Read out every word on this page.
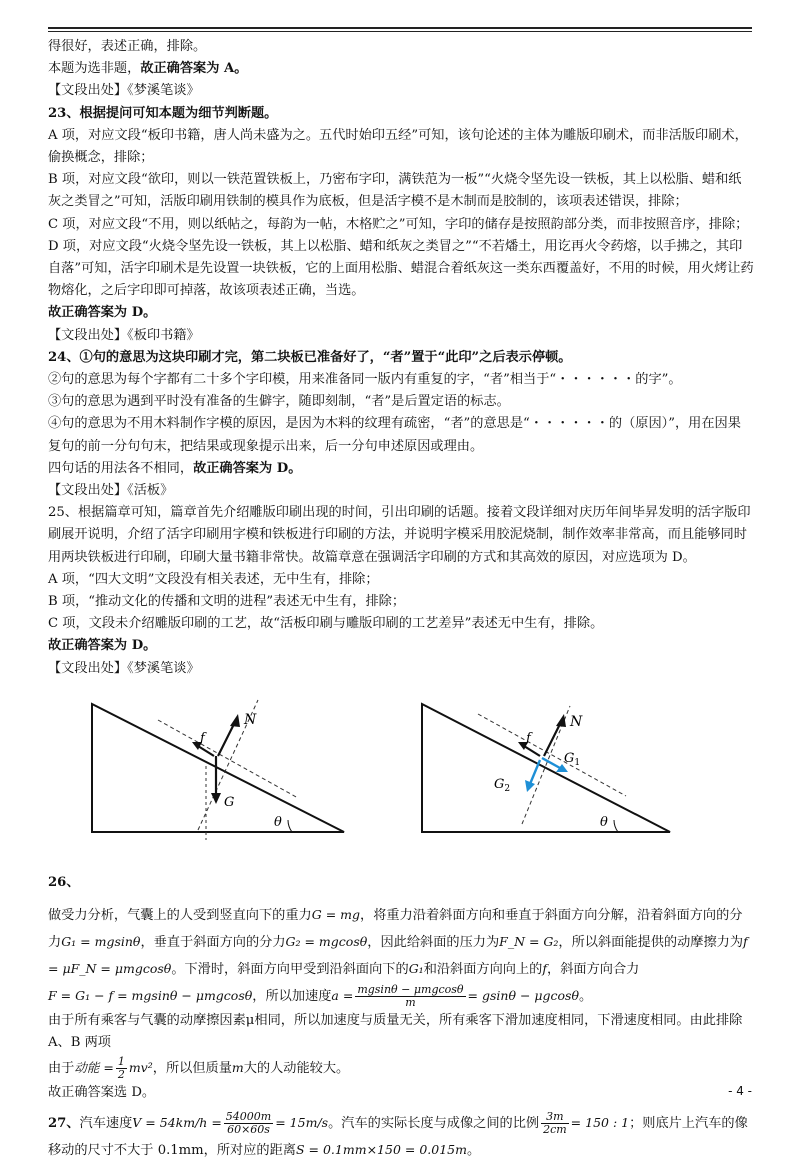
得很好，表述正确，排除。

本题为选非题，故正确答案为 A。

【文段出处】《梦溪笔谈》

23、根据提问可知本题为细节判断题。

A 项，对应文段“板印书籍，唐人尚未盛为之。五代时始印五经”可知，该句论述的主体为雕版印刷术，而非活版印刷术，偷换概念，排除；

B 项，对应文段“欲印，则以一铁范置铁板上，乃密布字印，满铁范为一板”“火烧令坚先设一铁板，其上以松脂、蜡和纸灰之类冒之”可知，活版印刷用铁制的模具作为底板，但是活字模不是木制而是胶制的，该项表述错误，排除；

C 项，对应文段“不用，则以纸帖之，每韵为一帖，木格贮之”可知，字印的储存是按照韵部分类，而非按照音序，排除；

D 项，对应文段“火烧令坚先设一铁板，其上以松脂、蜡和纸灰之类冒之”“不若燔土，用讫再火令药熔，以手拂之，其印自落”可知，活字印刷术是先设置一块铁板，它的上面用松脂、蜡混合着纸灰这一类东西覆盖好，不用的时候，用火烤让药物熔化，之后字印即可掉落，故该项表述正确，当选。

故正确答案为 D。

【文段出处】《板印书籍》

24、①句的意思为这块印刷才完，第二块板已准备好了，“者”置于“此印”之后表示停顿。

②句的意思为每个字都有二十多个字印模，用来准备同一版内有重复的字，“者”相当于“・・・・・・的字”。

③句的意思为遇到平时没有准备的生僻字，随即刻制，“者”是后置定语的标志。

④句的意思为不用木料制作字模的原因，是因为木料的纹理有疏密，“者”的意思是“・・・・・・的（原因）”，用在因果复句的前一分句句末，把结果或现象提示出来，后一分句申述原因或理由。

四句话的用法各不相同，故正确答案为 D。

【文段出处】《活板》

25、根据篇章可知，篇章首先介绍雕版印刷出现的时间，引出印刷的话题。接着文段详细对庆历年间毕昇发明的活字版印刷展开说明，介绍了活字印刷用字模和铁板进行印刷的方法，并说明字模采用胶泥烧制，制作效率非常高，而且能够同时用两块铁板进行印刷，印刷大量书籍非常快。故篇章意在强调活字印刷的方式和其高效的原因，对应选项为 D。

A 项，“四大文明”文段没有相关表述，无中生有，排除；

B 项，“推动文化的传播和文明的进程”表述无中生有，排除；

C 项，文段未介绍雕版印刷的工艺，故“活板印刷与雕版印刷的工艺差异”表述无中生有，排除。

故正确答案为 D。

【文段出处】《梦溪笔谈》

N
f
G
θ
N
f
$G_1$
$G_2$
θ

26、

做受力分析，气囊上的人受到竖直向下的重力G = mg，将重力沿着斜面方向和垂直于斜面方向分解，沿着斜面方向的分力G₁ = mgsinθ，垂直于斜面方向的分力G₂ = mgcosθ，因此给斜面的压力为F_N = G₂，所以斜面能提供的动摩擦力为f = μF_N = μmgcosθ。下滑时，斜面方向甲受到沿斜面向下的G₁和沿斜面方向向上的f，斜面方向合力
F = G₁ − f = mgsinθ − μmgcosθ，所以加速度$a = \frac{\text{mgsinθ − μmgcosθ}}{m} = gsin\theta - \mu gcos\theta$。

由于所有乘客与气囊的动摩擦因素μ相同，所以加速度与质量无关，所有乘客下滑加速度相同，下滑速度相同。由此排除 A、B 两项

由于动能 = $\frac{1}{2} mv^2$，所以但质量m大的人动能较大。

故正确答案选 D。

27、汽车速度$V = 54km/h = \frac{54000m}{60\times 60s} = 15m/s$。汽车的实际长度与成像之间的比例 $\frac{3m}{2cm} = 150$ : 1；则底片上汽车的像移动的尺寸不大于 0.1mm，所对应的距离S = 0.1mm×150 = 0.015m。

- 4 -
